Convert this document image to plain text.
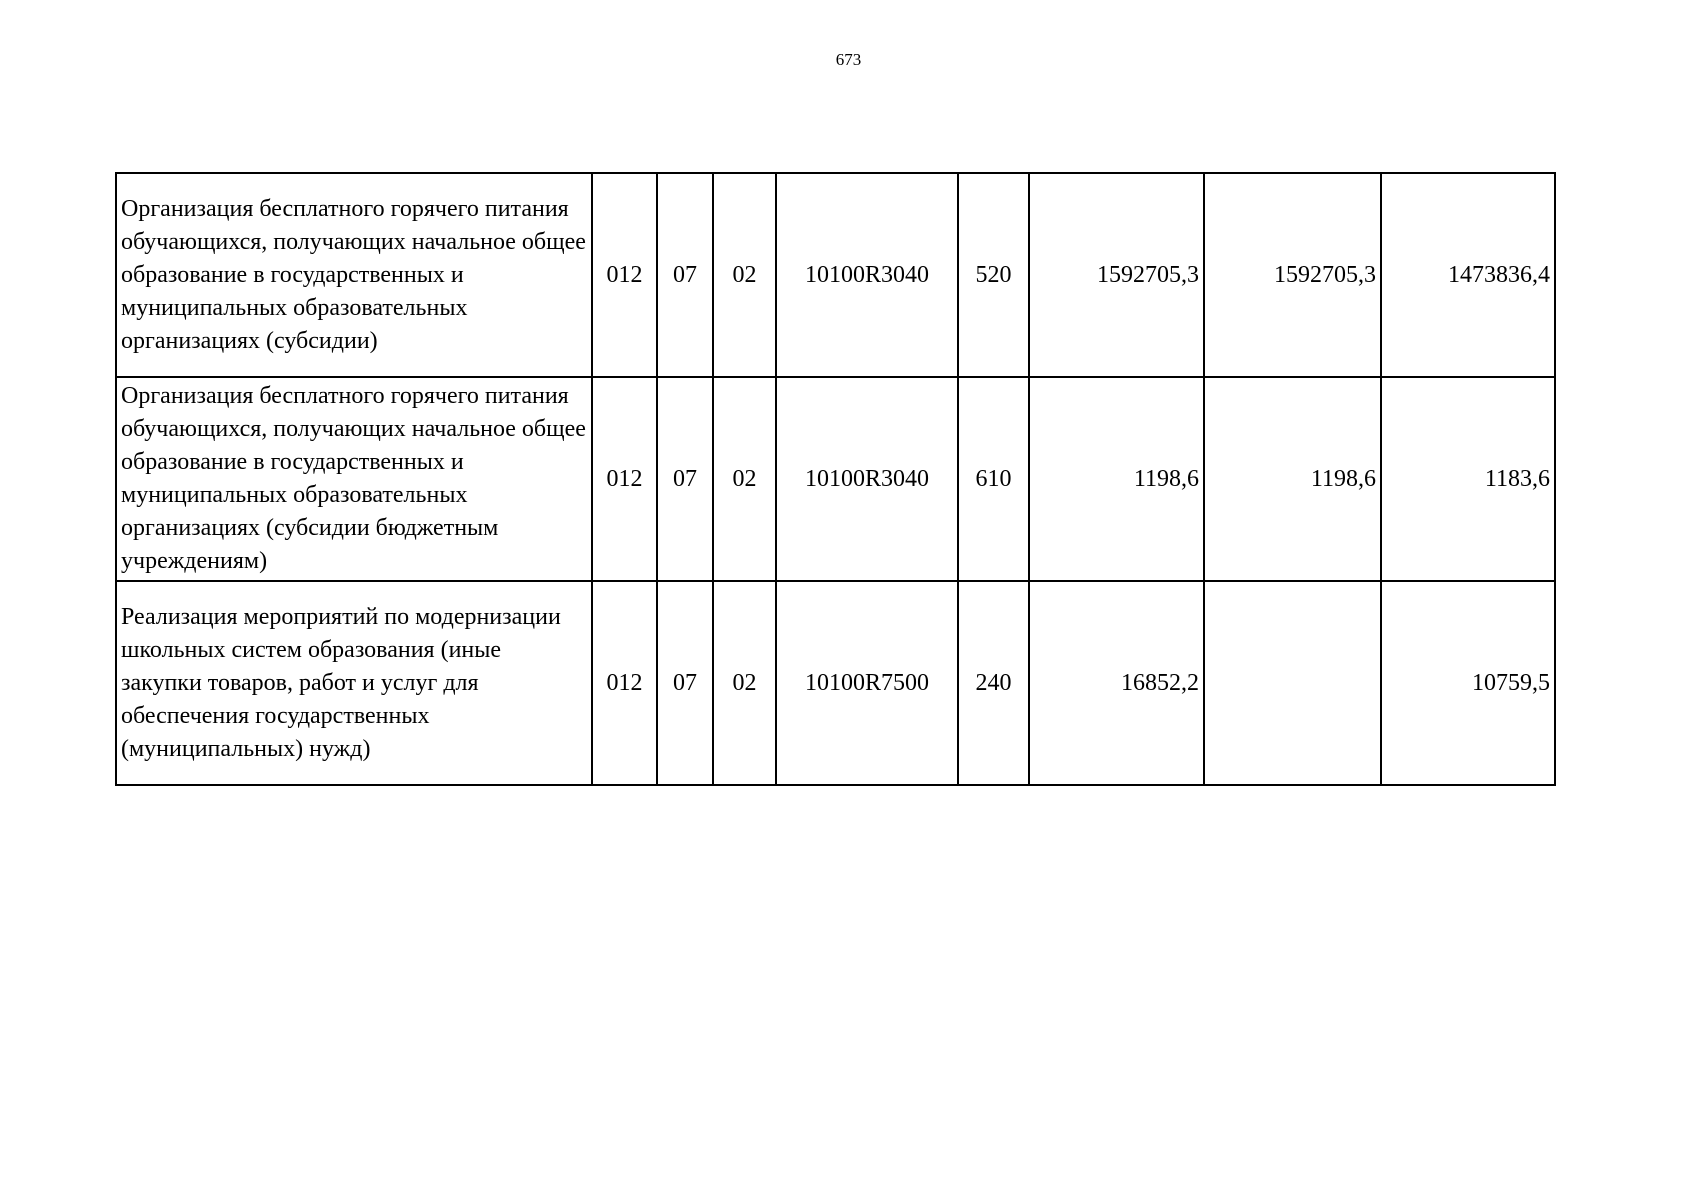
673
Организация бесплатного горячего питания обучающихся, получающих начальное общее образование в государственных и муниципальных образовательных организациях (субсидии)	012	07	02	10100R3040	520	1592705,3	1592705,3	1473836,4
Организация бесплатного горячего питания обучающихся, получающих начальное общее образование в государственных и муниципальных образовательных организациях (субсидии бюджетным учреждениям)	012	07	02	10100R3040	610	1198,6	1198,6	1183,6
Реализация мероприятий по модернизации школьных систем образования (иные закупки товаров, работ и услуг для обеспечения государственных (муниципальных) нужд)	012	07	02	10100R7500	240	16852,2		10759,5
